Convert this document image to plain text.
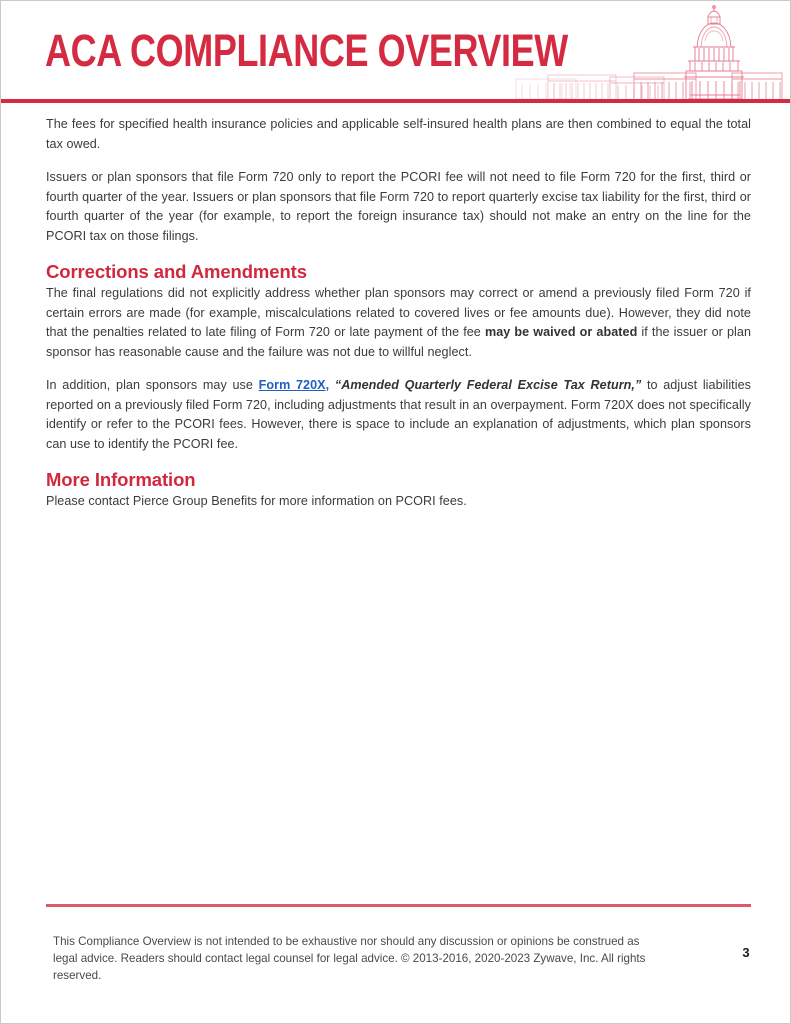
ACA COMPLIANCE OVERVIEW

The fees for specified health insurance policies and applicable self-insured health plans are then combined to equal the total tax owed.

Issuers or plan sponsors that file Form 720 only to report the PCORI fee will not need to file Form 720 for the first, third or fourth quarter of the year. Issuers or plan sponsors that file Form 720 to report quarterly excise tax liability for the first, third or fourth quarter of the year (for example, to report the foreign insurance tax) should not make an entry on the line for the PCORI tax on those filings.

Corrections and Amendments

The final regulations did not explicitly address whether plan sponsors may correct or amend a previously filed Form 720 if certain errors are made (for example, miscalculations related to covered lives or fee amounts due). However, they did note that the penalties related to late filing of Form 720 or late payment of the fee may be waived or abated if the issuer or plan sponsor has reasonable cause and the failure was not due to willful neglect.

In addition, plan sponsors may use Form 720X, “Amended Quarterly Federal Excise Tax Return,” to adjust liabilities reported on a previously filed Form 720, including adjustments that result in an overpayment. Form 720X does not specifically identify or refer to the PCORI fees. However, there is space to include an explanation of adjustments, which plan sponsors can use to identify the PCORI fee.

More Information

Please contact Pierce Group Benefits for more information on PCORI fees.

This Compliance Overview is not intended to be exhaustive nor should any discussion or opinions be construed as legal advice. Readers should contact legal counsel for legal advice. © 2013-2016, 2020-2023 Zywave, Inc. All rights reserved.
3
